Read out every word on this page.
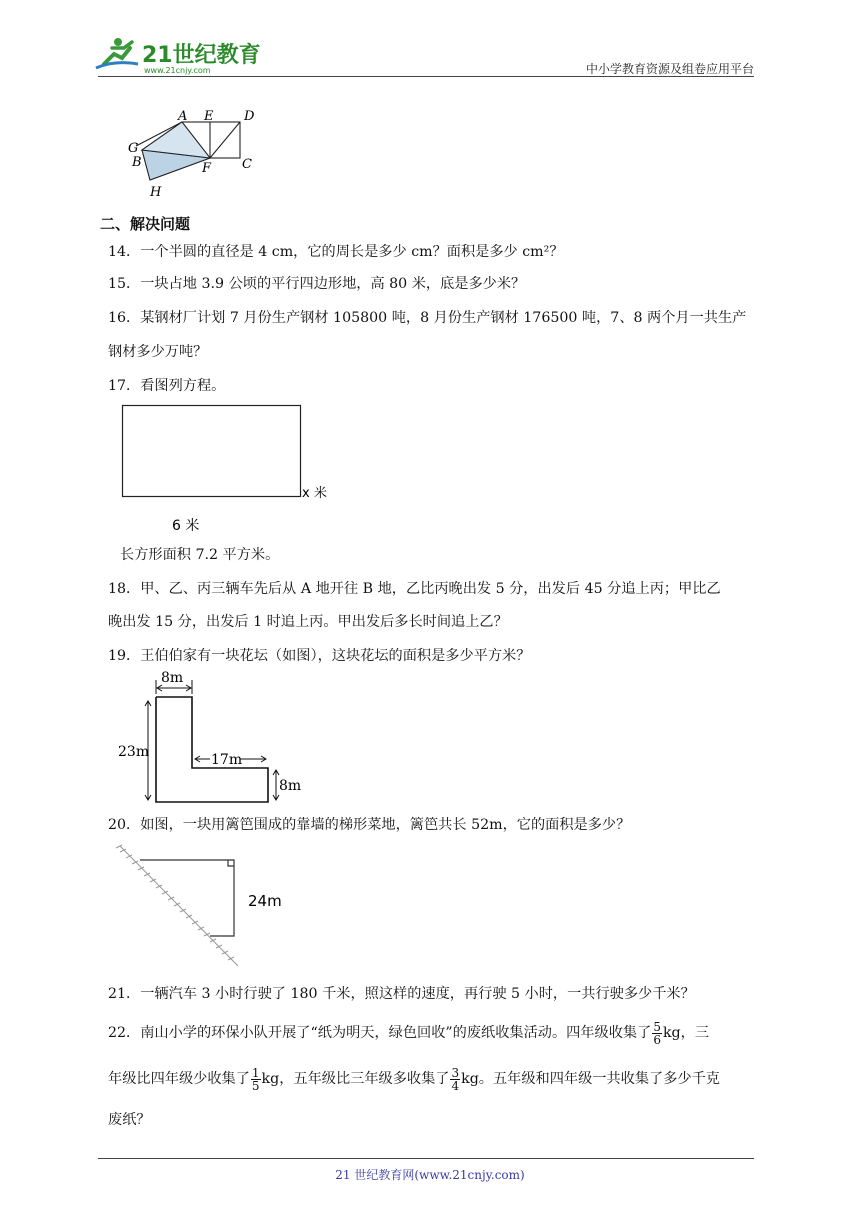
21世纪教育
www.21cnjy.com	中小学教育资源及组卷应用平台
A E D
G
B	F C
H
二、解决问题
14．一个半圆的直径是 4 cm，它的周长是多少 cm？面积是多少 cm²？
15．一块占地 3.9 公顷的平行四边形地，高 80 米，底是多少米？
16．某钢材厂计划 7 月份生产钢材 105800 吨，8 月份生产钢材 176500 吨，7、8 两个月一共生产
钢材多少万吨？
17．看图列方程。
x 米
6 米
长方形面积 7.2 平方米。
18．甲、乙、丙三辆车先后从 A 地开往 B 地，乙比丙晚出发 5 分，出发后 45 分追上丙；甲比乙
晚出发 15 分，出发后 1 时追上丙。甲出发后多长时间追上乙？
19．王伯伯家有一块花坛（如图），这块花坛的面积是多少平方米？
8m
23m	17m
8m
20．如图，一块用篱笆围成的靠墙的梯形菜地，篱笆共长 52m，它的面积是多少？
24m
21．一辆汽车 3 小时行驶了 180 千米，照这样的速度，再行驶 5 小时，一共行驶多少千米？
22．南山小学的环保小队开展了“纸为明天，绿色回收”的废纸收集活动。四年级收集了 $\frac{5}{6}$ kg，三
年级比四年级少收集了 $\frac{1}{5}$ kg，五年级比三年级多收集了 $\frac{3}{4}$ kg。五年级和四年级一共收集了多少千克
废纸？
21 世纪教育网(www.21cnjy.com)
